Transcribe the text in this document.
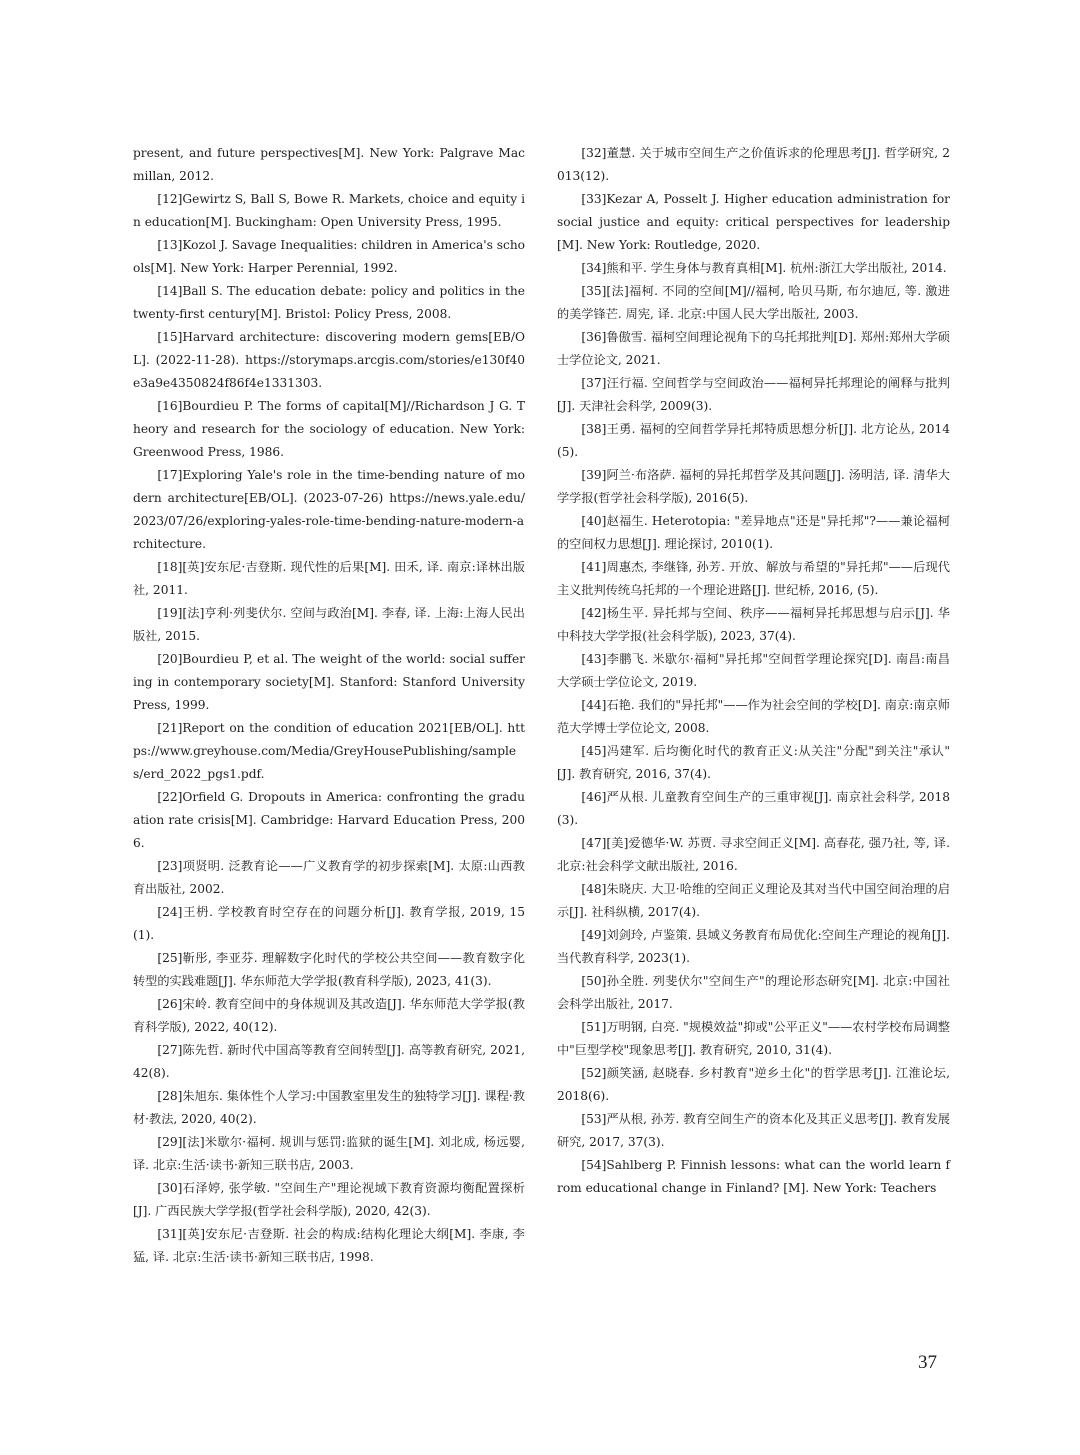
present, and future perspectives[M]. New York: Palgrave Macmillan, 2012.

[12]Gewirtz S, Ball S, Bowe R. Markets, choice and equity in education[M]. Buckingham: Open University Press, 1995.

[13]Kozol J. Savage Inequalities: children in America's schools[M]. New York: Harper Perennial, 1992.

[14]Ball S. The education debate: policy and politics in the twenty-first century[M]. Bristol: Policy Press, 2008.

[15]Harvard architecture: discovering modern gems[EB/OL]. (2022-11-28). https://storymaps.arcgis.com/stories/e130f40e3a9e4350824f86f4e1331303.

[16]Bourdieu P. The forms of capital[M]//Richardson J G. Theory and research for the sociology of education. New York: Greenwood Press, 1986.

[17]Exploring Yale's role in the time-bending nature of modern architecture[EB/OL]. (2023-07-26) https://news.yale.edu/2023/07/26/exploring-yales-role-time-bending-nature-modern-architecture.

[18][英]安东尼·吉登斯. 现代性的后果[M]. 田禾, 译. 南京:译林出版社, 2011.

[19][法]亨利·列斐伏尔. 空间与政治[M]. 李春, 译. 上海:上海人民出版社, 2015.

[20]Bourdieu P, et al. The weight of the world: social suffering in contemporary society[M]. Stanford: Stanford University Press, 1999.

[21]Report on the condition of education 2021[EB/OL]. https://www.greyhouse.com/Media/GreyHousePublishing/samples/erd_2022_pgs1.pdf.

[22]Orfield G. Dropouts in America: confronting the graduation rate crisis[M]. Cambridge: Harvard Education Press, 2006.

[23]项贤明. 泛教育论——广义教育学的初步探索[M]. 太原:山西教育出版社, 2002.

[24]王枬. 学校教育时空存在的问题分析[J]. 教育学报, 2019, 15(1).

[25]靳彤, 李亚芬. 理解数字化时代的学校公共空间——教育数字化转型的实践难题[J]. 华东师范大学学报(教育科学版), 2023, 41(3).

[26]宋岭. 教育空间中的身体规训及其改造[J]. 华东师范大学学报(教育科学版), 2022, 40(12).

[27]陈先哲. 新时代中国高等教育空间转型[J]. 高等教育研究, 2021, 42(8).

[28]朱旭东. 集体性个人学习:中国教室里发生的独特学习[J]. 课程·教材·教法, 2020, 40(2).

[29][法]米歇尔·福柯. 规训与惩罚:监狱的诞生[M]. 刘北成, 杨远婴, 译. 北京:生活·读书·新知三联书店, 2003.

[30]石泽婷, 张学敏. "空间生产"理论视域下教育资源均衡配置探析[J]. 广西民族大学学报(哲学社会科学版), 2020, 42(3).

[31][英]安东尼·吉登斯. 社会的构成:结构化理论大纲[M]. 李康, 李猛, 译. 北京:生活·读书·新知三联书店, 1998.

[32]董慧. 关于城市空间生产之价值诉求的伦理思考[J]. 哲学研究, 2013(12).

[33]Kezar A, Posselt J. Higher education administration for social justice and equity: critical perspectives for leadership[M]. New York: Routledge, 2020.

[34]熊和平. 学生身体与教育真相[M]. 杭州:浙江大学出版社, 2014.

[35][法]福柯. 不同的空间[M]//福柯, 哈贝马斯, 布尔迪厄, 等. 激进的美学锋芒. 周宪, 译. 北京:中国人民大学出版社, 2003.

[36]鲁傲雪. 福柯空间理论视角下的乌托邦批判[D]. 郑州:郑州大学硕士学位论文, 2021.

[37]汪行福. 空间哲学与空间政治——福柯异托邦理论的阐释与批判[J]. 天津社会科学, 2009(3).

[38]王勇. 福柯的空间哲学异托邦特质思想分析[J]. 北方论丛, 2014(5).

[39]阿兰·布洛萨. 福柯的异托邦哲学及其问题[J]. 汤明洁, 译. 清华大学学报(哲学社会科学版), 2016(5).

[40]赵福生. Heterotopia: "差异地点"还是"异托邦"?——兼论福柯的空间权力思想[J]. 理论探讨, 2010(1).

[41]周惠杰, 李继锋, 孙芳. 开放、解放与希望的"异托邦"——后现代主义批判传统乌托邦的一个理论进路[J]. 世纪桥, 2016, (5).

[42]杨生平. 异托邦与空间、秩序——福柯异托邦思想与启示[J]. 华中科技大学学报(社会科学版), 2023, 37(4).

[43]李鹏飞. 米歇尔·福柯"异托邦"空间哲学理论探究[D]. 南昌:南昌大学硕士学位论文, 2019.

[44]石艳. 我们的"异托邦"——作为社会空间的学校[D]. 南京:南京师范大学博士学位论文, 2008.

[45]冯建军. 后均衡化时代的教育正义:从关注"分配"到关注"承认"[J]. 教育研究, 2016, 37(4).

[46]严从根. 儿童教育空间生产的三重审视[J]. 南京社会科学, 2018(3).

[47][美]爱德华·W. 苏贾. 寻求空间正义[M]. 高春花, 强乃社, 等, 译. 北京:社会科学文献出版社, 2016.

[48]朱晓庆. 大卫·哈维的空间正义理论及其对当代中国空间治理的启示[J]. 社科纵横, 2017(4).

[49]刘剑玲, 卢鉴策. 县域义务教育布局优化:空间生产理论的视角[J]. 当代教育科学, 2023(1).

[50]孙全胜. 列斐伏尔"空间生产"的理论形态研究[M]. 北京:中国社会科学出版社, 2017.

[51]万明钢, 白亮. "规模效益"抑或"公平正义"——农村学校布局调整中"巨型学校"现象思考[J]. 教育研究, 2010, 31(4).

[52]颜笑涵, 赵晓春. 乡村教育"逆乡土化"的哲学思考[J]. 江淮论坛, 2018(6).

[53]严从根, 孙芳. 教育空间生产的资本化及其正义思考[J]. 教育发展研究, 2017, 37(3).

[54]Sahlberg P. Finnish lessons: what can the world learn from educational change in Finland? [M]. New York: Teachers

37
